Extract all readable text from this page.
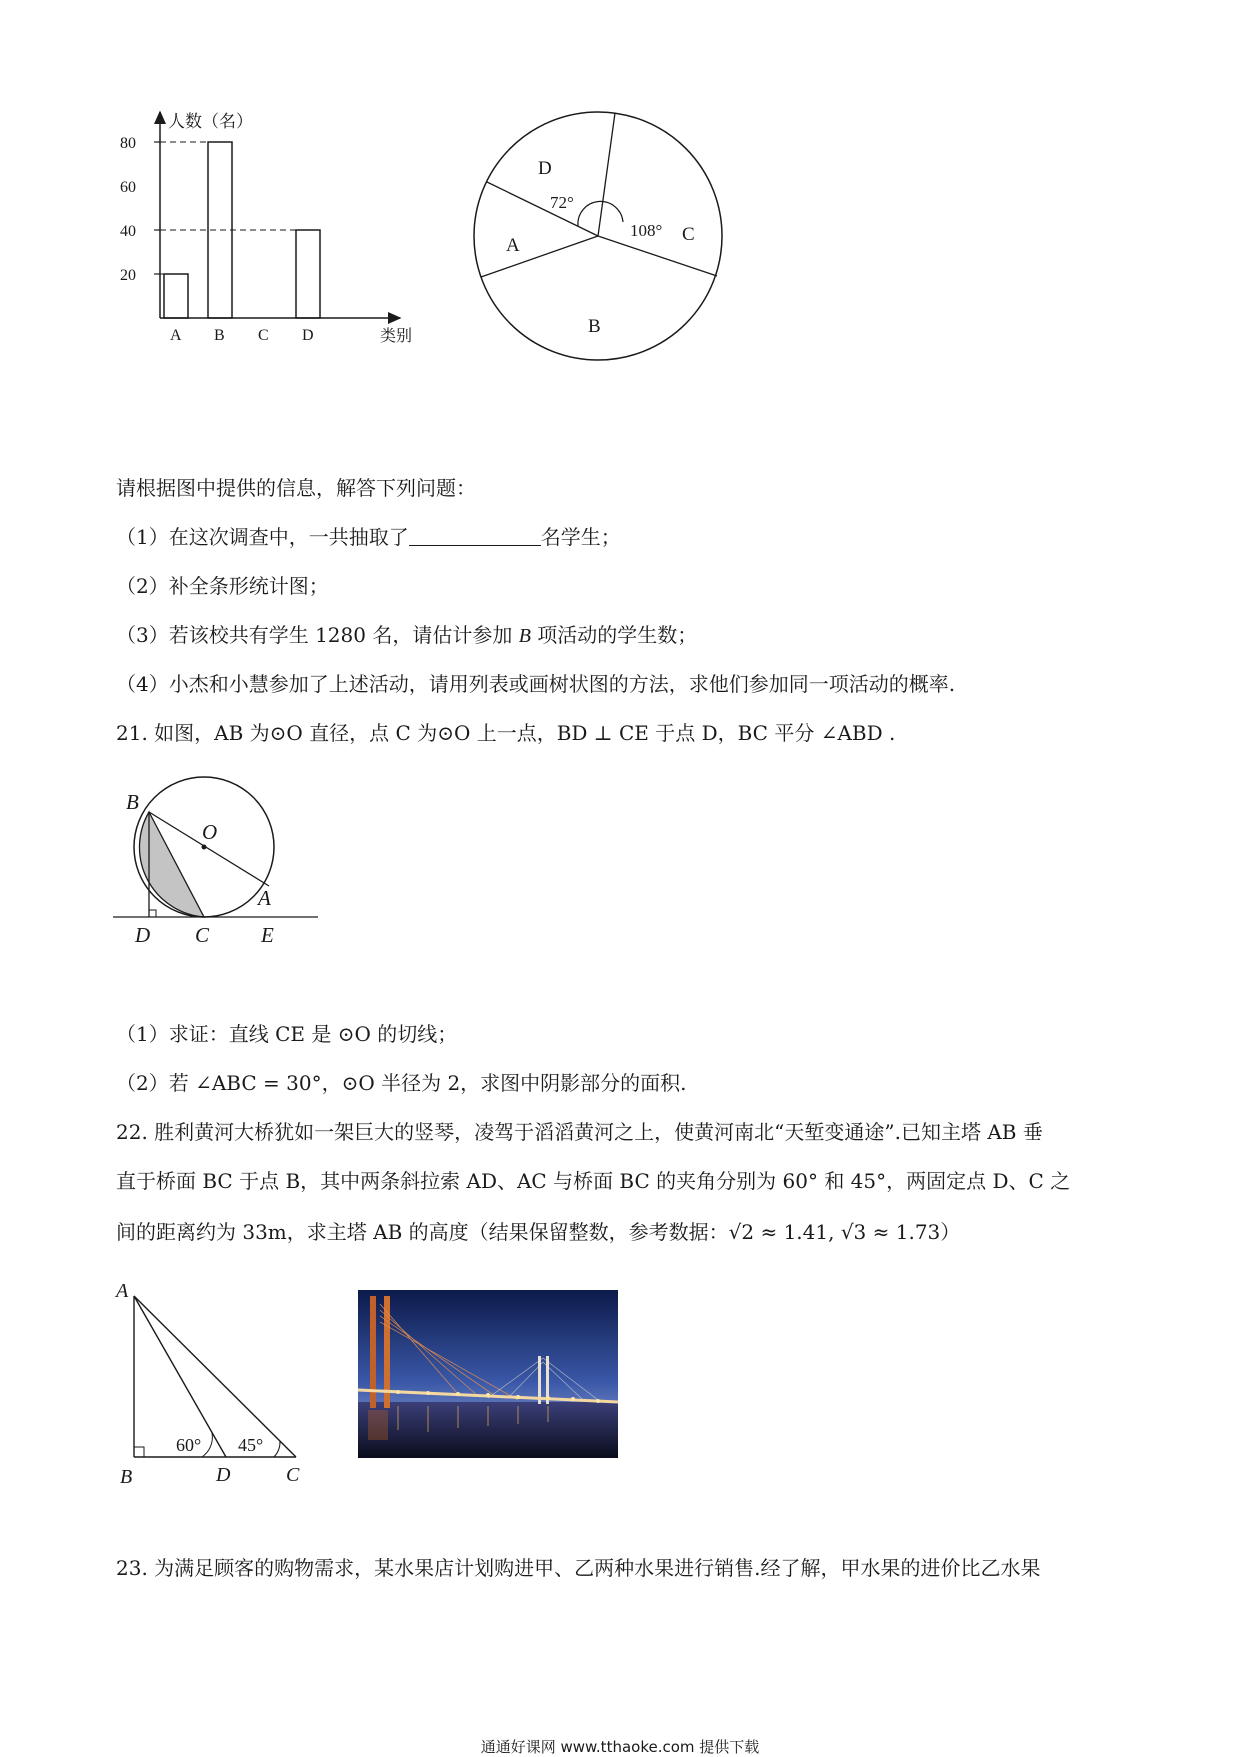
人数（名）
类别
20
40
60
80
A B C D
D
A
B
C
72°
108°
请根据图中提供的信息，解答下列问题：
（1）在这次调查中，一共抽取了	名学生；
（2）补全条形统计图；
（3）若该校共有学生 1280 名，请估计参加 B 项活动的学生数；
（4）小杰和小慧参加了上述活动，请用列表或画树状图的方法，求他们参加同一项活动的概率.
21. 如图，AB 为⊙O 直径，点 C 为⊙O 上一点，BD ⊥ CE 于点 D，BC 平分 ∠ABD .
B
O
A
D C E
（1）求证：直线 CE 是 ⊙O 的切线；
（2）若 ∠ABC = 30°，⊙O 半径为 2，求图中阴影部分的面积.
22. 胜利黄河大桥犹如一架巨大的竖琴，凌驾于滔滔黄河之上，使黄河南北“天堑变通途”.已知主塔 AB 垂
直于桥面 BC 于点 B，其中两条斜拉索 AD、AC 与桥面 BC 的夹角分别为 60° 和 45°，两固定点 D、C 之
间的距离约为 33m，求主塔 AB 的高度（结果保留整数，参考数据：√2 ≈ 1.41, √3 ≈ 1.73）
A
B	D	C
60° 45°
23. 为满足顾客的购物需求，某水果店计划购进甲、乙两种水果进行销售.经了解，甲水果的进价比乙水果
通通好课网 www.tthaoke.com 提供下载
